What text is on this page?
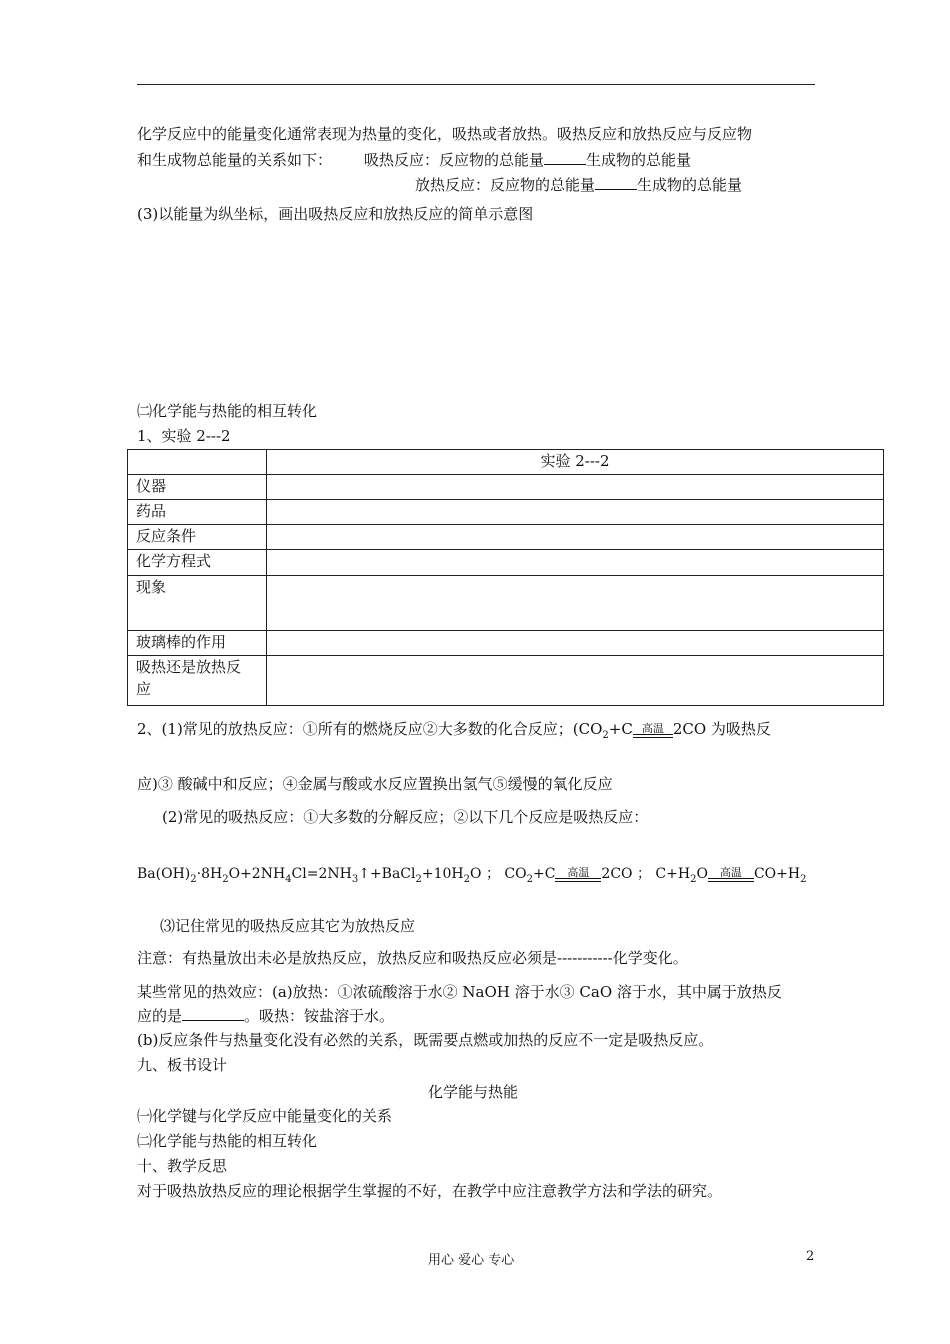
化学反应中的能量变化通常表现为热量的变化，吸热或者放热。吸热反应和放热反应与反应物
和生成物总能量的关系如下： 吸热反应：反应物的总能量	生成物的总能量
放热反应：反应物的总能量	生成物的总能量
(3)以能量为纵坐标，画出吸热反应和放热反应的简单示意图
㈡化学能与热能的相互转化
1、实验 2---2
	实验 2---2
仪器	
药品	
反应条件	
化学方程式	
现象	
玻璃棒的作用	

吸热还是放热反
应	

2、(1)常见的放热反应：①所有的燃烧反应②大多数的化合反应；($CO_2+C$ 高温 2CO 为吸热反
应)③ 酸碱中和反应；④金属与酸或水反应置换出氢气⑤缓慢的氧化反应
(2)常见的吸热反应：①大多数的分解反应；②以下几个反应是吸热反应：
$Ba(OH)_2\cdot 8H_2O+2NH_4Cl=2NH_3↑+BaCl_2+10H_2O$ ； $CO_2+C$ 高温 2CO ； $C+H_2O$ 高温 $CO+H_2$
⑶记住常见的吸热反应其它为放热反应
注意：有热量放出未必是放热反应，放热反应和吸热反应必须是-----------化学变化。
某些常见的热效应：(a)放热：①浓硫酸溶于水② NaOH 溶于水③ CaO 溶于水，其中属于放热反
应的是	。吸热：铵盐溶于水。
(b)反应条件与热量变化没有必然的关系，既需要点燃或加热的反应不一定是吸热反应。
九、板书设计
化学能与热能
㈠化学键与化学反应中能量变化的关系
㈡化学能与热能的相互转化
十、教学反思
对于吸热放热反应的理论根据学生掌握的不好，在教学中应注意教学方法和学法的研究。
用心 爱心 专心	2
